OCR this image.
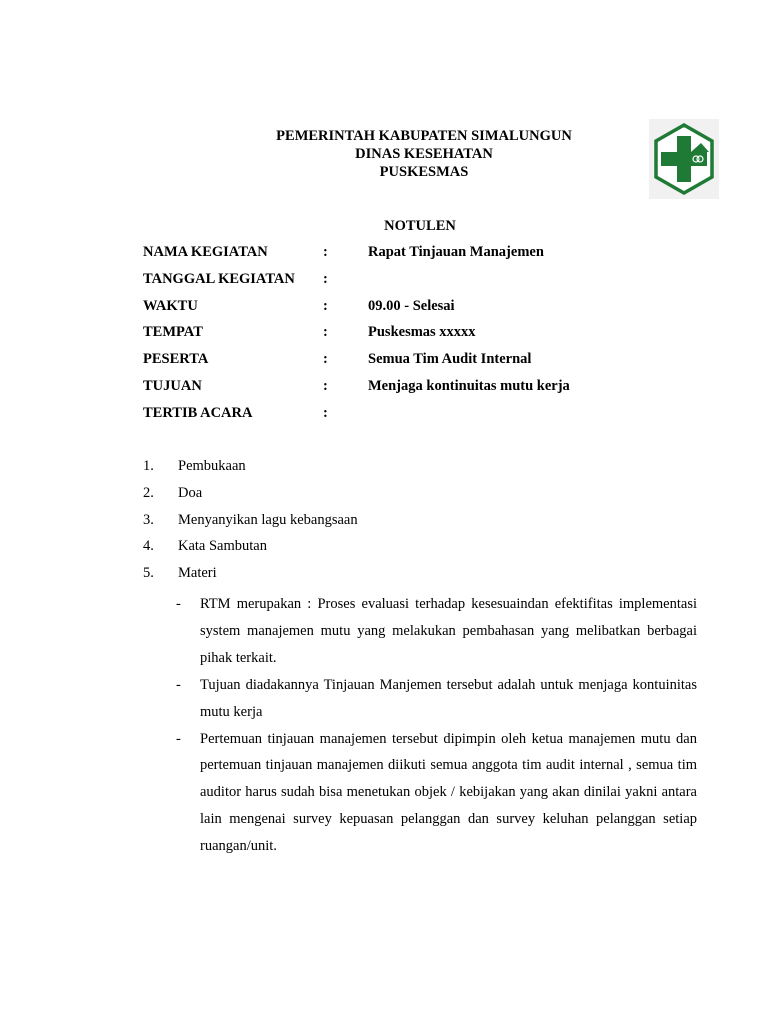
PEMERINTAH KABUPATEN SIMALUNGUN
DINAS KESEHATAN
PUSKESMAS
NOTULEN
NAMA KEGIATAN	:	Rapat Tinjauan Manajemen
TANGGAL KEGIATAN :
WAKTU	:	09.00 - Selesai
TEMPAT	:	Puskesmas xxxxx
PESERTA	:	Semua Tim Audit Internal
TUJUAN	:	Menjaga kontinuitas mutu kerja
TERTIB ACARA	:
1. Pembukaan
2. Doa
3. Menyanyikan lagu kebangsaan
4. Kata Sambutan
5. Materi
- RTM merupakan : Proses evaluasi terhadap kesesuaindan efektifitas implementasi system manajemen mutu yang melakukan pembahasan yang melibatkan berbagai pihak terkait.
- Tujuan diadakannya Tinjauan Manjemen tersebut adalah untuk menjaga kontuinitas mutu kerja
- Pertemuan tinjauan manajemen tersebut dipimpin oleh ketua manajemen mutu dan pertemuan tinjauan manajemen diikuti semua anggota tim audit internal , semua tim auditor harus sudah bisa menetukan objek / kebijakan yang akan dinilai yakni antara lain mengenai survey kepuasan pelanggan dan survey keluhan pelanggan setiap ruangan/unit.
